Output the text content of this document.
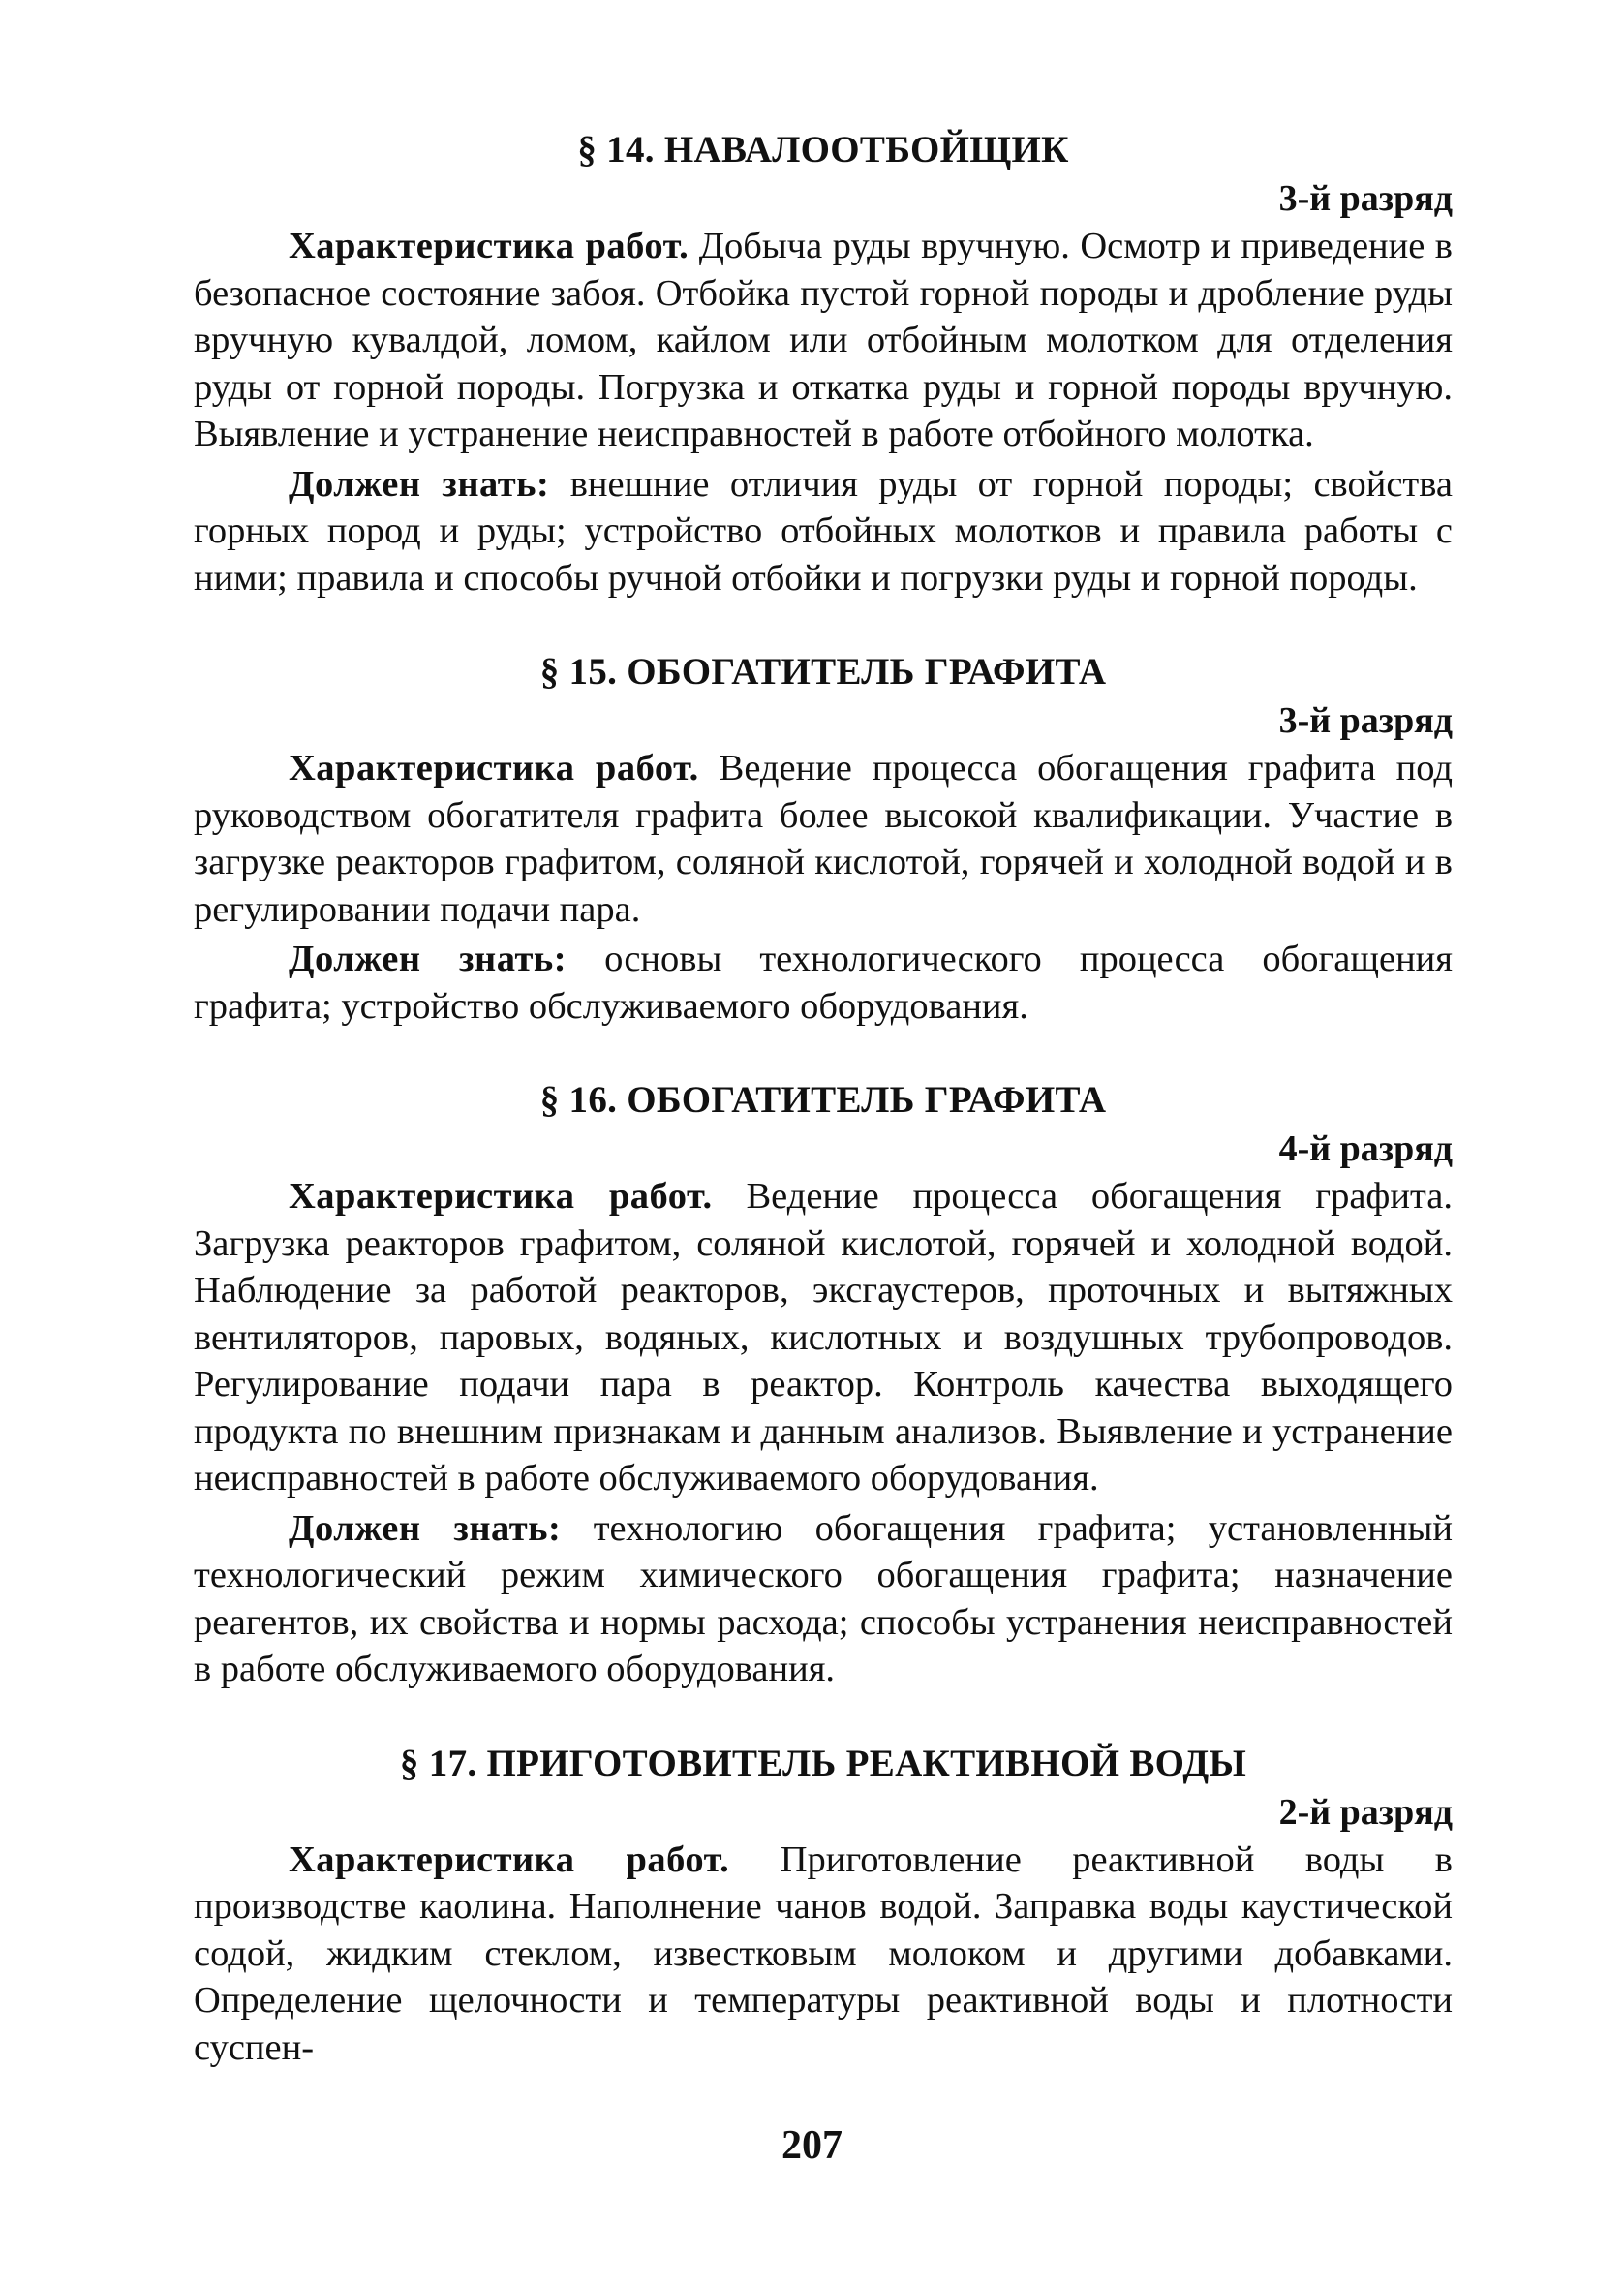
§ 14. НАВАЛООТБОЙЩИК
3-й разряд

Характеристика работ. Добыча руды вручную. Осмотр и приведение в безопасное состояние забоя. Отбойка пустой горной породы и дробление руды вручную кувалдой, ломом, кайлом или отбойным молотком для отделения руды от горной породы. Погрузка и откатка руды и горной породы вручную. Выявление и устранение неисправностей в работе отбойного молотка.

Должен знать: внешние отличия руды от горной породы; свойства горных пород и руды; устройство отбойных молотков и правила работы с ними; правила и способы ручной отбойки и погрузки руды и горной породы.

§ 15. ОБОГАТИТЕЛЬ ГРАФИТА
3-й разряд

Характеристика работ. Ведение процесса обогащения графита под руководством обогатителя графита более высокой квалификации. Участие в загрузке реакторов графитом, соляной кислотой, горячей и холодной водой и в регулировании подачи пара.

Должен знать: основы технологического процесса обогащения графита; устройство обслуживаемого оборудования.

§ 16. ОБОГАТИТЕЛЬ ГРАФИТА
4-й разряд

Характеристика работ. Ведение процесса обогащения графита. Загрузка реакторов графитом, соляной кислотой, горячей и холодной водой. Наблюдение за работой реакторов, эксгаустеров, проточных и вытяжных вентиляторов, паровых, водяных, кислотных и воздушных трубопроводов. Регулирование подачи пара в реактор. Контроль качества выходящего продукта по внешним признакам и данным анализов. Выявление и устранение неисправностей в работе обслуживаемого оборудования.

Должен знать: технологию обогащения графита; установленный технологический режим химического обогащения графита; назначение реагентов, их свойства и нормы расхода; способы устранения неисправностей в работе обслуживаемого оборудования.

§ 17. ПРИГОТОВИТЕЛЬ РЕАКТИВНОЙ ВОДЫ
2-й разряд

Характеристика работ. Приготовление реактивной воды в производстве каолина. Наполнение чанов водой. Заправка воды каустической содой, жидким стеклом, известковым молоком и другими добавками. Определение щелочности и температуры реактивной воды и плотности суспен-

207
